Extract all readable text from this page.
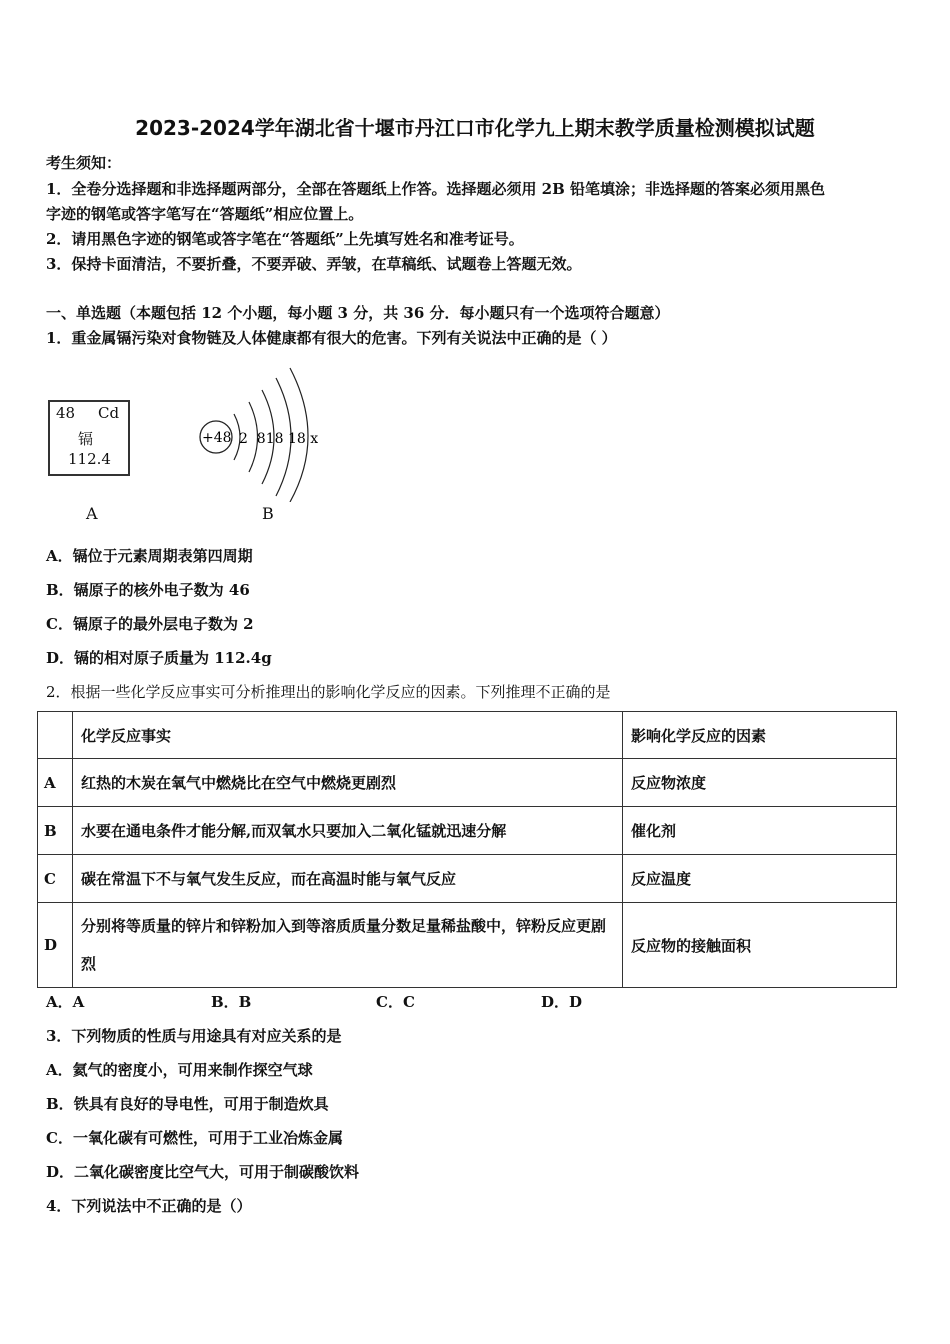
2023-2024学年湖北省十堰市丹江口市化学九上期末教学质量检测模拟试题
考生须知：
1．全卷分选择题和非选择题两部分，全部在答题纸上作答。选择题必须用 2B 铅笔填涂；非选择题的答案必须用黑色
字迹的钢笔或答字笔写在“答题纸”相应位置上。
2．请用黑色字迹的钢笔或答字笔在“答题纸”上先填写姓名和准考证号。
3．保持卡面清洁，不要折叠，不要弄破、弄皱，在草稿纸、试题卷上答题无效。
一、单选题（本题包括 12 个小题，每小题 3 分，共 36 分．每小题只有一个选项符合题意）
1．重金属镉污染对食物链及人体健康都有很大的危害。下列有关说法中正确的是（ ）
48 Cd
镉
112.4
A
+48 2  818 18 x
B
A．镉位于元素周期表第四周期
B．镉原子的核外电子数为 46
C．镉原子的最外层电子数为 2
D．镉的相对原子质量为 112.4g
2．根据一些化学反应事实可分析推理出的影响化学反应的因素。下列推理不正确的是
	化学反应事实	影响化学反应的因素
A	红热的木炭在氧气中燃烧比在空气中燃烧更剧烈	反应物浓度
B	水要在通电条件才能分解,而双氧水只要加入二氧化锰就迅速分解	催化剂
C	碳在常温下不与氧气发生反应，而在高温时能与氧气反应	反应温度
D	分别将等质量的锌片和锌粉加入到等溶质质量分数足量稀盐酸中，锌粉反应更剧烈	反应物的接触面积
A．A	B．B	C．C	D．D
3．下列物质的性质与用途具有对应关系的是
A．氦气的密度小，可用来制作探空气球
B．铁具有良好的导电性，可用于制造炊具
C．一氧化碳有可燃性，可用于工业冶炼金属
D．二氧化碳密度比空气大，可用于制碳酸饮料
4．下列说法中不正确的是（）
